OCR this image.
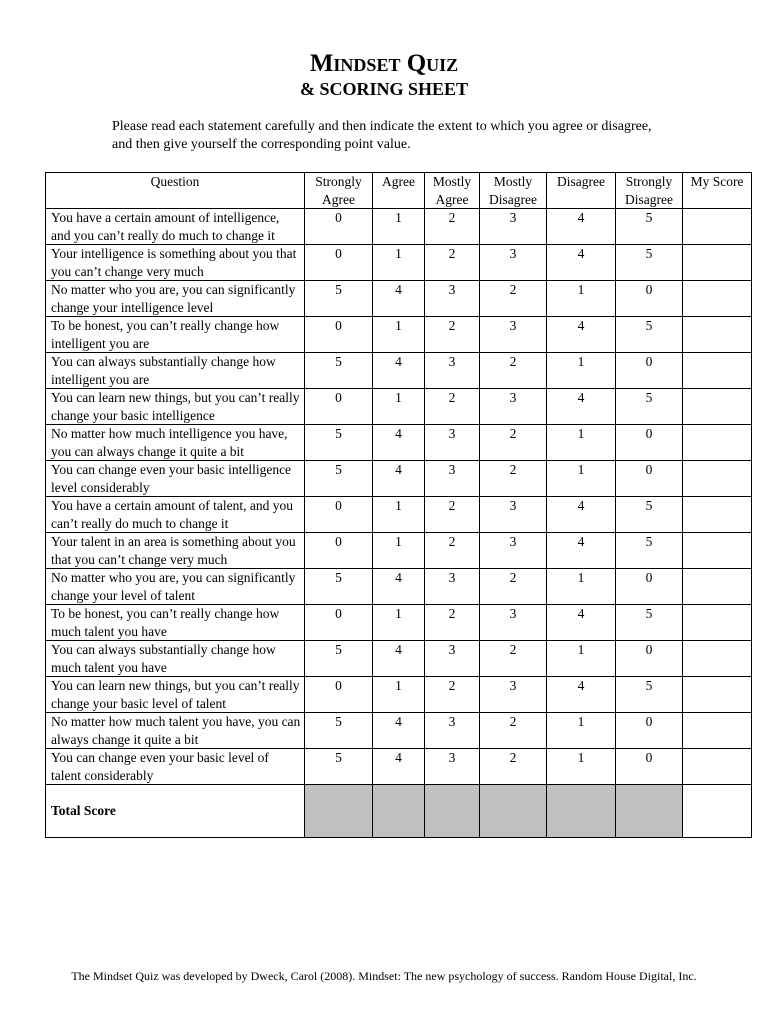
Mindset Quiz
& SCORING SHEET
Please read each statement carefully and then indicate the extent to which you agree or disagree, and then give yourself the corresponding point value.
Question	Strongly Agree	Agree	Mostly Agree	Mostly Disagree	Disagree	Strongly Disagree	My Score
You have a certain amount of intelligence, and you can’t really do much to change it	0	1	2	3	4	5	
Your intelligence is something about you that you can’t change very much	0	1	2	3	4	5	
No matter who you are, you can significantly change your intelligence level	5	4	3	2	1	0	
To be honest, you can’t really change how intelligent you are	0	1	2	3	4	5	
You can always substantially change how intelligent you are	5	4	3	2	1	0	
You can learn new things, but you can’t really change your basic intelligence	0	1	2	3	4	5	
No matter how much intelligence you have, you can always change it quite a bit	5	4	3	2	1	0	
You can change even your basic intelligence level considerably	5	4	3	2	1	0	
You have a certain amount of talent, and you can’t really do much to change it	0	1	2	3	4	5	
Your talent in an area is something about you that you can’t change very much	0	1	2	3	4	5	
No matter who you are, you can significantly change your level of talent	5	4	3	2	1	0	
To be honest, you can’t really change how much talent you have	0	1	2	3	4	5	
You can always substantially change how much talent you have	5	4	3	2	1	0	
You can learn new things, but you can’t really change your basic level of talent	0	1	2	3	4	5	
No matter how much talent you have, you can always change it quite a bit	5	4	3	2	1	0	
You can change even your basic level of talent considerably	5	4	3	2	1	0	
Total Score							
The Mindset Quiz was developed by Dweck, Carol (2008). Mindset: The new psychology of success. Random House Digital, Inc.
